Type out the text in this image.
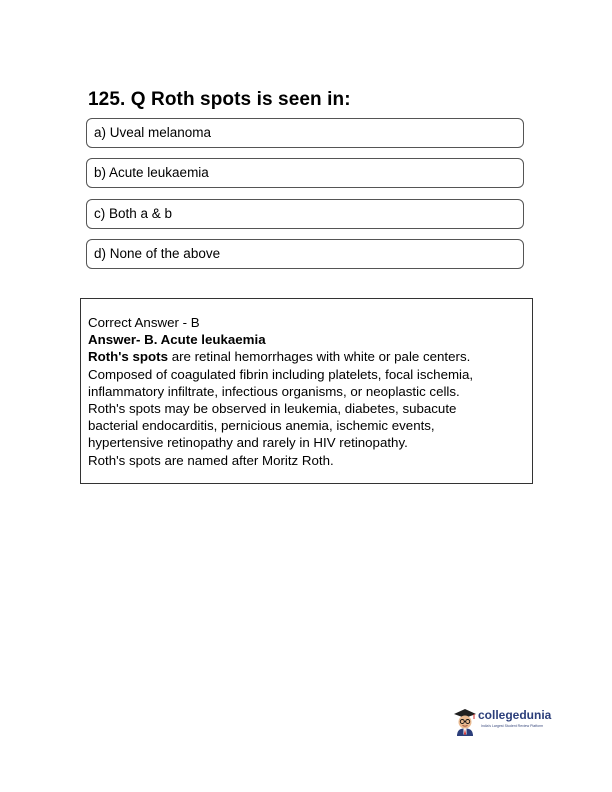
125. Q Roth spots is seen in:
a) Uveal melanoma
b) Acute leukaemia
c) Both a & b
d) None of the above
Correct Answer - B
Answer- B. Acute leukaemia
Roth's spots are retinal hemorrhages with white or pale centers.
Composed of coagulated fibrin including platelets, focal ischemia,
inflammatory infiltrate, infectious organisms, or neoplastic cells.
Roth's spots may be observed in leukemia, diabetes, subacute
bacterial endocarditis, pernicious anemia, ischemic events,
hypertensive retinopathy and rarely in HIV retinopathy.
Roth's spots are named after Moritz Roth.
collegedunia
India's Largest Student Review Platform
